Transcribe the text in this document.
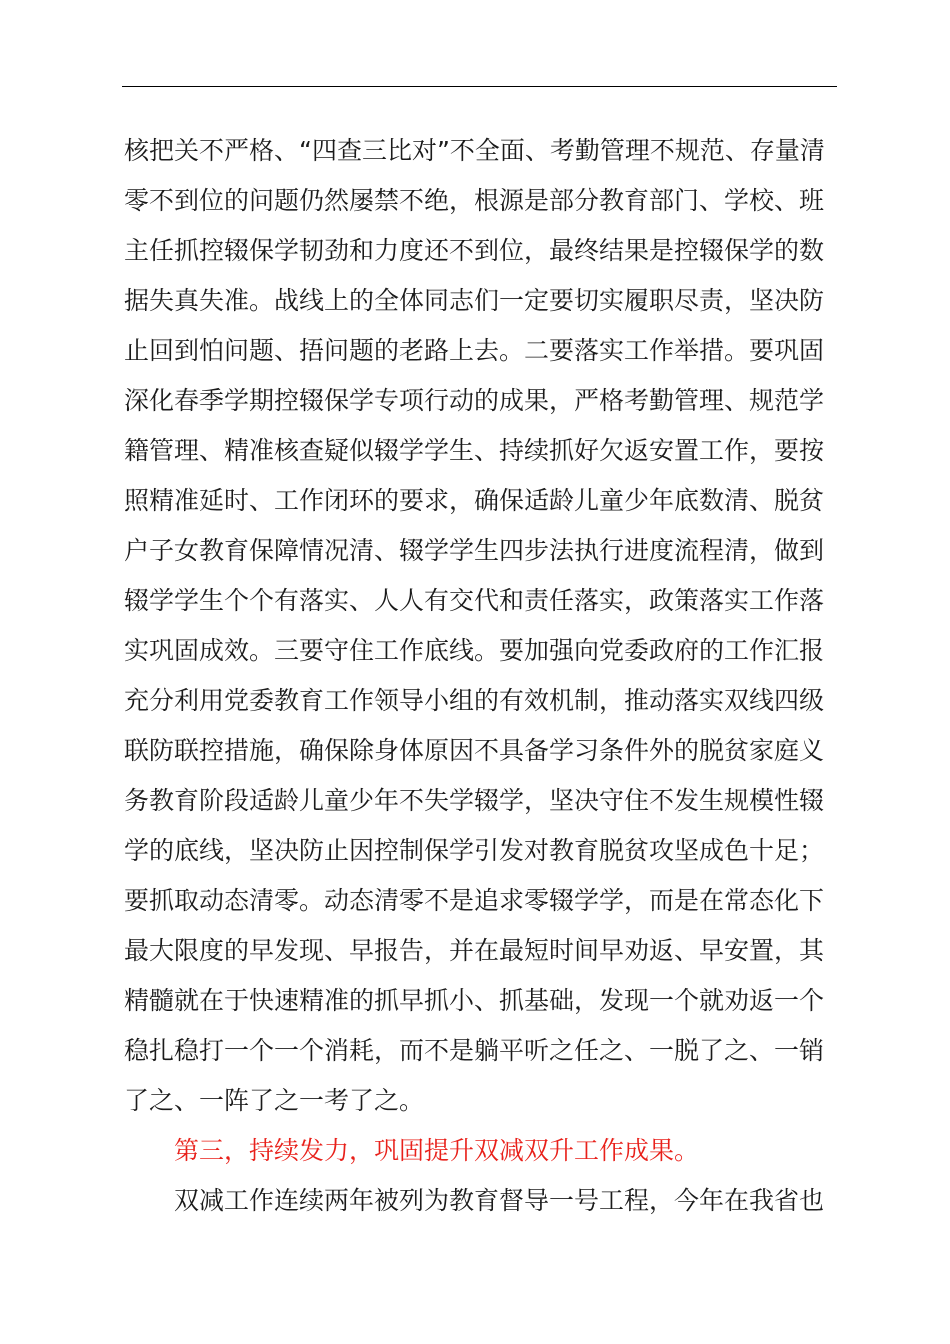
核把关不严格、“四查三比对”不全面、考勤管理不规范、存量清
零不到位的问题仍然屡禁不绝，根源是部分教育部门、学校、班
主任抓控辍保学韧劲和力度还不到位，最终结果是控辍保学的数
据失真失准。战线上的全体同志们一定要切实履职尽责，坚决防
止回到怕问题、捂问题的老路上去。二要落实工作举措。要巩固
深化春季学期控辍保学专项行动的成果，严格考勤管理、规范学
籍管理、精准核查疑似辍学学生、持续抓好欠返安置工作，要按
照精准延时、工作闭环的要求，确保适龄儿童少年底数清、脱贫
户子女教育保障情况清、辍学学生四步法执行进度流程清，做到
辍学学生个个有落实、人人有交代和责任落实，政策落实工作落
实巩固成效。三要守住工作底线。要加强向党委政府的工作汇报
充分利用党委教育工作领导小组的有效机制，推动落实双线四级
联防联控措施，确保除身体原因不具备学习条件外的脱贫家庭义
务教育阶段适龄儿童少年不失学辍学，坚决守住不发生规模性辍
学的底线，坚决防止因控制保学引发对教育脱贫攻坚成色十足；
要抓取动态清零。动态清零不是追求零辍学学，而是在常态化下
最大限度的早发现、早报告，并在最短时间早劝返、早安置，其
精髓就在于快速精准的抓早抓小、抓基础，发现一个就劝返一个
稳扎稳打一个一个消耗，而不是躺平听之任之、一脱了之、一销
了之、一阵了之一考了之。
第三，持续发力，巩固提升双减双升工作成果。
双减工作连续两年被列为教育督导一号工程，今年在我省也
